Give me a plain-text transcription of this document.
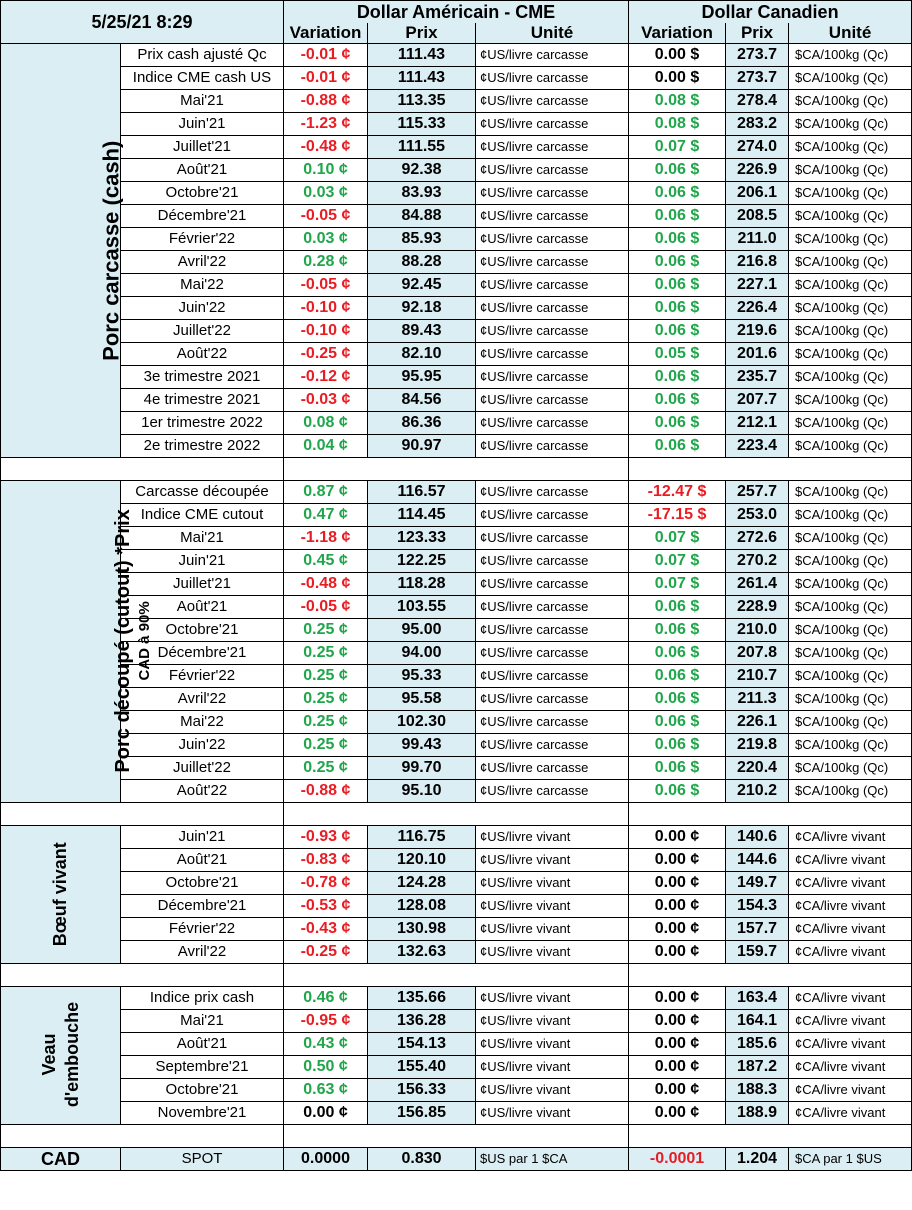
5/25/21 8:29		Dollar Américain - CME			Dollar Canadien		
		Variation	Prix	Unité	Variation	Prix	Unité

Porc carcasse (cash)	Prix cash ajusté Qc	-0.01 ¢	111.43	¢US/livre carcasse	0.00 $	273.7	$CA/100kg (Qc)
	Indice CME cash US	-0.01 ¢	111.43	¢US/livre carcasse	0.00 $	273.7	$CA/100kg (Qc)
	Mai'21	-0.88 ¢	113.35	¢US/livre carcasse	0.08 $	278.4	$CA/100kg (Qc)
	Juin'21	-1.23 ¢	115.33	¢US/livre carcasse	0.08 $	283.2	$CA/100kg (Qc)
	Juillet'21	-0.48 ¢	111.55	¢US/livre carcasse	0.07 $	274.0	$CA/100kg (Qc)
	Août'21	0.10 ¢	92.38	¢US/livre carcasse	0.06 $	226.9	$CA/100kg (Qc)
	Octobre'21	0.03 ¢	83.93	¢US/livre carcasse	0.06 $	206.1	$CA/100kg (Qc)
	Décembre'21	-0.05 ¢	84.88	¢US/livre carcasse	0.06 $	208.5	$CA/100kg (Qc)
	Février'22	0.03 ¢	85.93	¢US/livre carcasse	0.06 $	211.0	$CA/100kg (Qc)
	Avril'22	0.28 ¢	88.28	¢US/livre carcasse	0.06 $	216.8	$CA/100kg (Qc)
	Mai'22	-0.05 ¢	92.45	¢US/livre carcasse	0.06 $	227.1	$CA/100kg (Qc)
	Juin'22	-0.10 ¢	92.18	¢US/livre carcasse	0.06 $	226.4	$CA/100kg (Qc)
	Juillet'22	-0.10 ¢	89.43	¢US/livre carcasse	0.06 $	219.6	$CA/100kg (Qc)
	Août'22	-0.25 ¢	82.10	¢US/livre carcasse	0.05 $	201.6	$CA/100kg (Qc)
	3e trimestre 2021	-0.12 ¢	95.95	¢US/livre carcasse	0.06 $	235.7	$CA/100kg (Qc)
	4e trimestre 2021	-0.03 ¢	84.56	¢US/livre carcasse	0.06 $	207.7	$CA/100kg (Qc)
	1er trimestre 2022	0.08 ¢	86.36	¢US/livre carcasse	0.06 $	212.1	$CA/100kg (Qc)
	2e trimestre 2022	0.04 ¢	90.97	¢US/livre carcasse	0.06 $	223.4	$CA/100kg (Qc)

Porc découpé (cutout) *Prix CAD à 90%	Carcasse découpée	0.87 ¢	116.57	¢US/livre carcasse	-12.47 $	257.7	$CA/100kg (Qc)
	Indice CME cutout	0.47 ¢	114.45	¢US/livre carcasse	-17.15 $	253.0	$CA/100kg (Qc)
	Mai'21	-1.18 ¢	123.33	¢US/livre carcasse	0.07 $	272.6	$CA/100kg (Qc)
	Juin'21	0.45 ¢	122.25	¢US/livre carcasse	0.07 $	270.2	$CA/100kg (Qc)
	Juillet'21	-0.48 ¢	118.28	¢US/livre carcasse	0.07 $	261.4	$CA/100kg (Qc)
	Août'21	-0.05 ¢	103.55	¢US/livre carcasse	0.06 $	228.9	$CA/100kg (Qc)
	Octobre'21	0.25 ¢	95.00	¢US/livre carcasse	0.06 $	210.0	$CA/100kg (Qc)
	Décembre'21	0.25 ¢	94.00	¢US/livre carcasse	0.06 $	207.8	$CA/100kg (Qc)
	Février'22	0.25 ¢	95.33	¢US/livre carcasse	0.06 $	210.7	$CA/100kg (Qc)
	Avril'22	0.25 ¢	95.58	¢US/livre carcasse	0.06 $	211.3	$CA/100kg (Qc)
	Mai'22	0.25 ¢	102.30	¢US/livre carcasse	0.06 $	226.1	$CA/100kg (Qc)
	Juin'22	0.25 ¢	99.43	¢US/livre carcasse	0.06 $	219.8	$CA/100kg (Qc)
	Juillet'22	0.25 ¢	99.70	¢US/livre carcasse	0.06 $	220.4	$CA/100kg (Qc)
	Août'22	-0.88 ¢	95.10	¢US/livre carcasse	0.06 $	210.2	$CA/100kg (Qc)

Bœuf vivant	Juin'21	-0.93 ¢	116.75	¢US/livre vivant	0.00 ¢	140.6	¢CA/livre vivant
	Août'21	-0.83 ¢	120.10	¢US/livre vivant	0.00 ¢	144.6	¢CA/livre vivant
	Octobre'21	-0.78 ¢	124.28	¢US/livre vivant	0.00 ¢	149.7	¢CA/livre vivant
	Décembre'21	-0.53 ¢	128.08	¢US/livre vivant	0.00 ¢	154.3	¢CA/livre vivant
	Février'22	-0.43 ¢	130.98	¢US/livre vivant	0.00 ¢	157.7	¢CA/livre vivant
	Avril'22	-0.25 ¢	132.63	¢US/livre vivant	0.00 ¢	159.7	¢CA/livre vivant

Veau d'embouche	Indice prix cash	0.46 ¢	135.66	¢US/livre vivant	0.00 ¢	163.4	¢CA/livre vivant
	Mai'21	-0.95 ¢	136.28	¢US/livre vivant	0.00 ¢	164.1	¢CA/livre vivant
	Août'21	0.43 ¢	154.13	¢US/livre vivant	0.00 ¢	185.6	¢CA/livre vivant
	Septembre'21	0.50 ¢	155.40	¢US/livre vivant	0.00 ¢	187.2	¢CA/livre vivant
	Octobre'21	0.63 ¢	156.33	¢US/livre vivant	0.00 ¢	188.3	¢CA/livre vivant
	Novembre'21	0.00 ¢	156.85	¢US/livre vivant	0.00 ¢	188.9	¢CA/livre vivant

CAD	SPOT	0.0000	0.830	$US par 1 $CA	-0.0001	1.204	$CA par 1 $US
